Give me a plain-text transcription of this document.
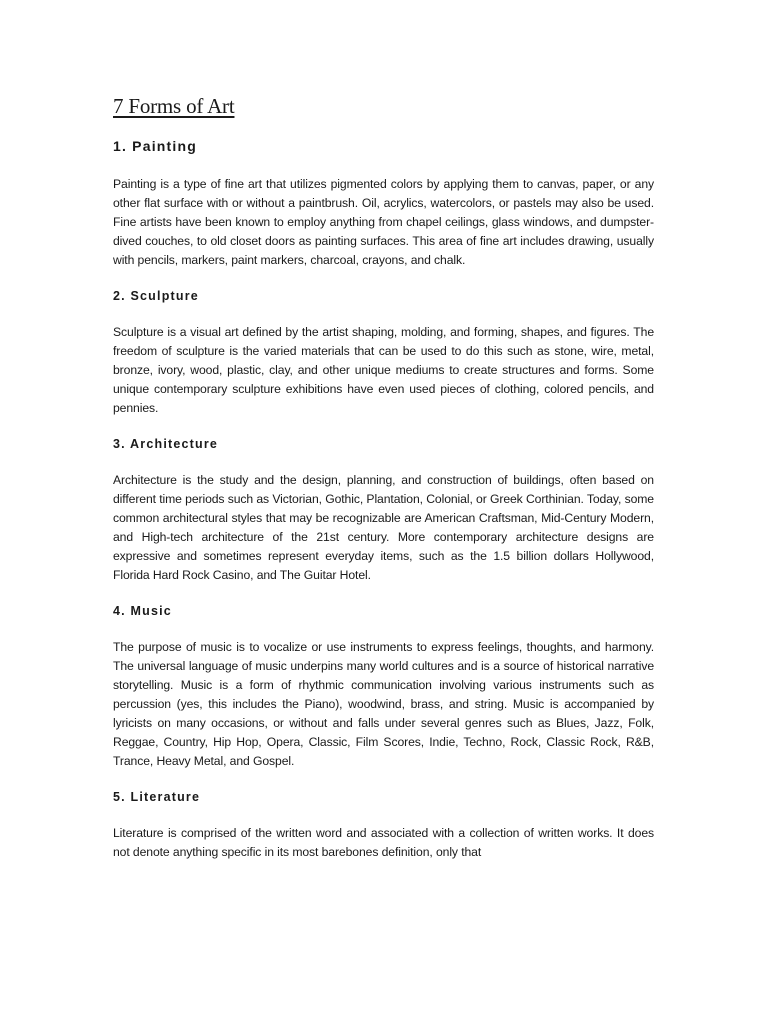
7 Forms of Art
1. Painting

Painting is a type of fine art that utilizes pigmented colors by applying them to canvas, paper, or any other flat surface with or without a paintbrush. Oil, acrylics, watercolors, or pastels may also be used. Fine artists have been known to employ anything from chapel ceilings, glass windows, and dumpster-dived couches, to old closet doors as painting surfaces. This area of fine art includes drawing, usually with pencils, markers, paint markers, charcoal, crayons, and chalk.

2. Sculpture

Sculpture is a visual art defined by the artist shaping, molding, and forming, shapes, and figures. The freedom of sculpture is the varied materials that can be used to do this such as stone, wire, metal, bronze, ivory, wood, plastic, clay, and other unique mediums to create structures and forms. Some unique contemporary sculpture exhibitions have even used pieces of clothing, colored pencils, and pennies.

3. Architecture

Architecture is the study and the design, planning, and construction of buildings, often based on different time periods such as Victorian, Gothic, Plantation, Colonial, or Greek Corthinian. Today, some common architectural styles that may be recognizable are American Craftsman, Mid-Century Modern, and High-tech architecture of the 21st century. More contemporary architecture designs are expressive and sometimes represent everyday items, such as the 1.5 billion dollars Hollywood, Florida Hard Rock Casino, and The Guitar Hotel.

4. Music

The purpose of music is to vocalize or use instruments to express feelings, thoughts, and harmony. The universal language of music underpins many world cultures and is a source of historical narrative storytelling. Music is a form of rhythmic communication involving various instruments such as percussion (yes, this includes the Piano), woodwind, brass, and string. Music is accompanied by lyricists on many occasions, or without and falls under several genres such as Blues, Jazz, Folk, Reggae, Country, Hip Hop, Opera, Classic, Film Scores, Indie, Techno, Rock, Classic Rock, R&B, Trance, Heavy Metal, and Gospel.

5. Literature

Literature is comprised of the written word and associated with a collection of written works. It does not denote anything specific in its most barebones definition, only that
